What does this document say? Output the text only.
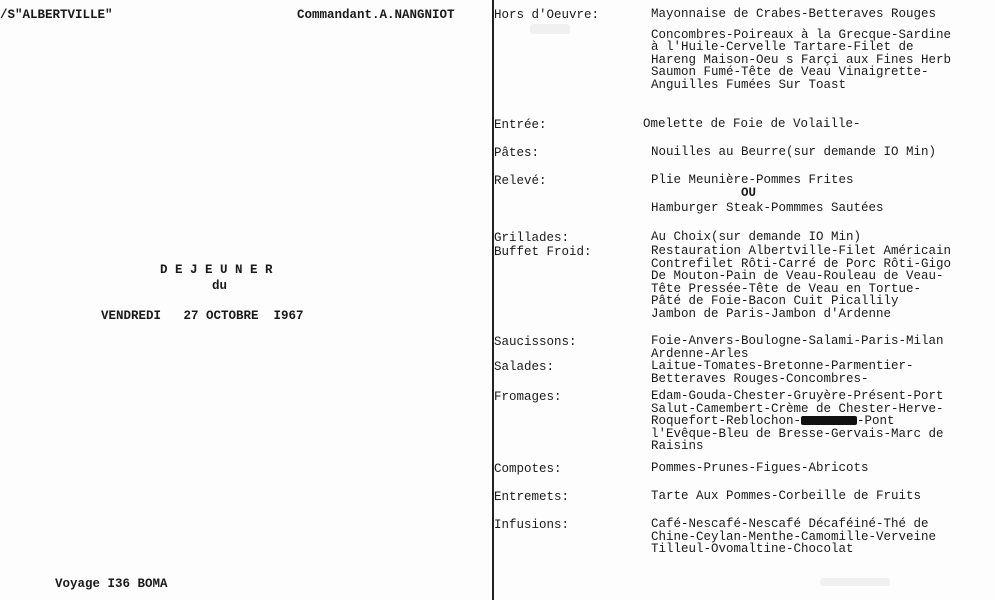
/S"ALBERTVILLE"	Commandant.A.NANGNIOT
D E J E U N E R
du
VENDREDI   27 OCTOBRE  I967
Voyage I36 BOMA
Hors d'Oeuvre:
Entrée:
Pâtes:
Relevé:
Grillades:
Buffet Froid:
Saucissons:
Salades:
Fromages:
Compotes:
Entremets:
Infusions:
Mayonnaise de Crabes-Betteraves Rouges
Concombres-Poireaux à la Grecque-Sardine
à l'Huile-Cervelle Tartare-Filet de
Hareng Maison-Oeu s Farçi aux Fines Herb
Saumon Fumé-Tête de Veau Vinaigrette-
Anguilles Fumées Sur Toast
Omelette de Foie de Volaille-
Nouilles au Beurre(sur demande IO Min)
Plie Meunière-Pommes Frites
OU
Hamburger Steak-Pommmes Sautées
Au Choix(sur demande IO Min)
Restauration Albertville-Filet Américain
Contrefilet Rôti-Carré de Porc Rôti-Gigo
De Mouton-Pain de Veau-Rouleau de Veau-
Tête Pressée-Tête de Veau en Tortue-
Pâté de Foie-Bacon Cuit Picallily
Jambon de Paris-Jambon d'Ardenne
Foie-Anvers-Boulogne-Salami-Paris-Milan
Ardenne-Arles
Laitue-Tomates-Bretonne-Parmentier-
Betteraves Rouges-Concombres-
Edam-Gouda-Chester-Gruyère-Présent-Port
Salut-Camembert-Crème de Chester-Herve-
Roquefort-Reblochon-	-Pont
l'Evêque-Bleu de Bresse-Gervais-Marc de
Raisins
Pommes-Prunes-Figues-Abricots
Tarte Aux Pommes-Corbeille de Fruits
Café-Nescafé-Nescafé Décaféiné-Thé de
Chine-Ceylan-Menthe-Camomille-Verveine
Tilleul-Ovomaltine-Chocolat
